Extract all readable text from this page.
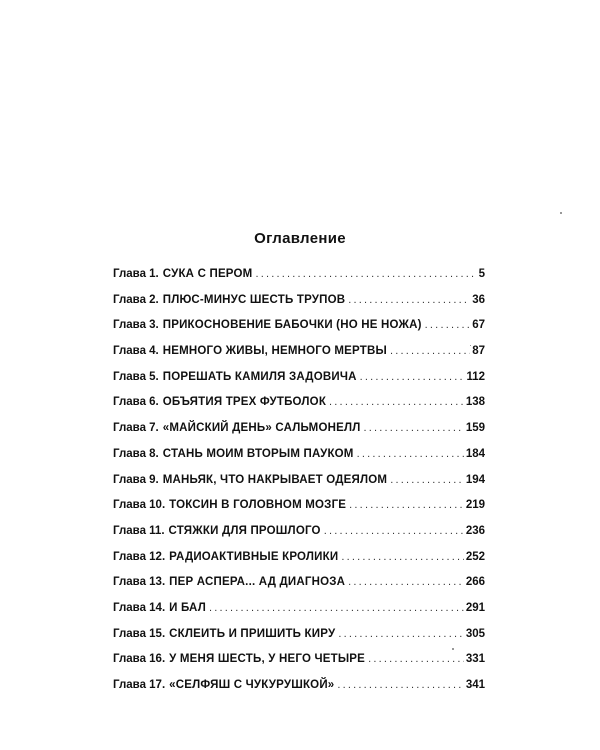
Оглавление
Глава 1. СУКА С ПЕРОМ .....	5
Глава 2. ПЛЮС-МИНУС ШЕСТЬ ТРУПОВ .....	36
Глава 3. ПРИКОСНОВЕНИЕ БАБОЧКИ (НО НЕ НОЖА) .....	67
Глава 4. НЕМНОГО ЖИВЫ, НЕМНОГО МЕРТВЫ .....	87
Глава 5. ПОРЕШАТЬ КАМИЛЯ ЗАДОВИЧА .....	112
Глава 6. ОБЪЯТИЯ ТРЕХ ФУТБОЛОК .....	138
Глава 7. «МАЙСКИЙ ДЕНЬ» САЛЬМОНЕЛЛ .....	159
Глава 8. СТАНЬ МОИМ ВТОРЫМ ПАУКОМ .....	184
Глава 9. МАНЬЯК, ЧТО НАКРЫВАЕТ ОДЕЯЛОМ .....	194
Глава 10. ТОКСИН В ГОЛОВНОМ МОЗГЕ .....	219
Глава 11. СТЯЖКИ ДЛЯ ПРОШЛОГО .....	236
Глава 12. РАДИОАКТИВНЫЕ КРОЛИКИ .....	252
Глава 13. ПЕР АСПЕРА... АД ДИАГНОЗА .....	266
Глава 14. И БАЛ .....	291
Глава 15. СКЛЕИТЬ И ПРИШИТЬ КИРУ .....	305
Глава 16. У МЕНЯ ШЕСТЬ, У НЕГО ЧЕТЫРЕ .....	331
Глава 17. «СЕЛФЯШ С ЧУКУРУШКОЙ» .....	341
